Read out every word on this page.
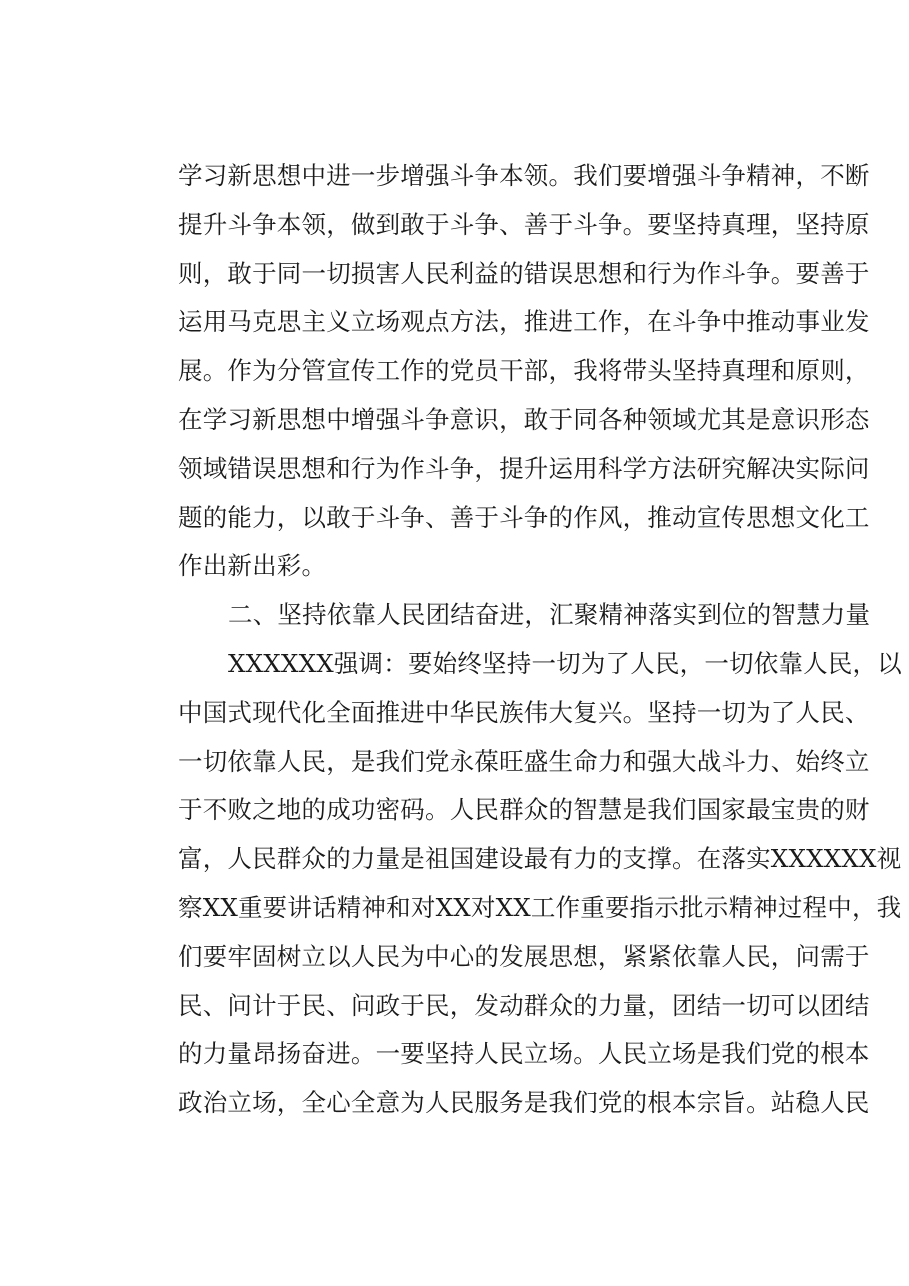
学习新思想中进一步增强斗争本领。我们要增强斗争精神，不断
提升斗争本领，做到敢于斗争、善于斗争。要坚持真理，坚持原
则，敢于同一切损害人民利益的错误思想和行为作斗争。要善于
运用马克思主义立场观点方法，推进工作，在斗争中推动事业发
展。作为分管宣传工作的党员干部，我将带头坚持真理和原则，
在学习新思想中增强斗争意识，敢于同各种领域尤其是意识形态
领域错误思想和行为作斗争，提升运用科学方法研究解决实际问
题的能力，以敢于斗争、善于斗争的作风，推动宣传思想文化工
作出新出彩。
二、坚持依靠人民团结奋进，汇聚精神落实到位的智慧力量
XXXXXX强调：要始终坚持一切为了人民，一切依靠人民，以
中国式现代化全面推进中华民族伟大复兴。坚持一切为了人民、
一切依靠人民，是我们党永葆旺盛生命力和强大战斗力、始终立
于不败之地的成功密码。人民群众的智慧是我们国家最宝贵的财
富，人民群众的力量是祖国建设最有力的支撑。在落实XXXXXX视
察XX重要讲话精神和对XX对XX工作重要指示批示精神过程中，我
们要牢固树立以人民为中心的发展思想，紧紧依靠人民，问需于
民、问计于民、问政于民，发动群众的力量，团结一切可以团结
的力量昂扬奋进。一要坚持人民立场。人民立场是我们党的根本
政治立场，全心全意为人民服务是我们党的根本宗旨。站稳人民
